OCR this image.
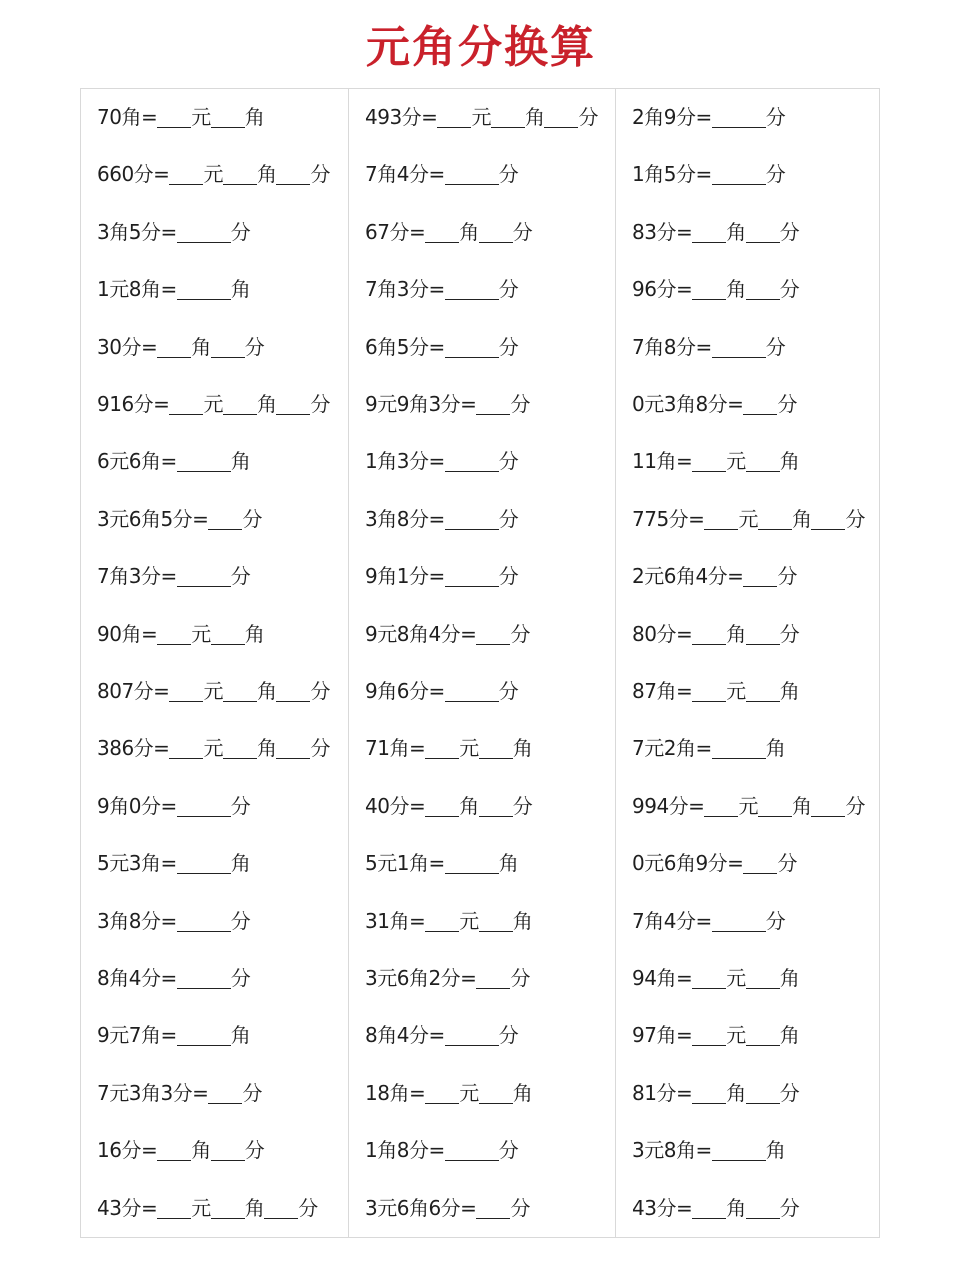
元角分换算
70角= 元 角
660分= 元 角 分
3角5分=	分
1元8角=	角
30分= 角 分
916分= 元 角 分
6元6角=	角
3元6角5分= 分
7角3分=	分
90角= 元 角
807分= 元 角 分
386分= 元 角 分
9角0分=	分
5元3角=	角
3角8分=	分
8角4分=	分
9元7角=	角
7元3角3分= 分
16分= 角 分
43分= 元 角 分
493分= 元 角 分
7角4分=	分
67分= 角 分
7角3分=	分
6角5分=	分
9元9角3分= 分
1角3分=	分
3角8分=	分
9角1分=	分
9元8角4分= 分
9角6分=	分
71角= 元 角
40分= 角 分
5元1角=	角
31角= 元 角
3元6角2分= 分
8角4分=	分
18角= 元 角
1角8分=	分
3元6角6分= 分
2角9分=	分
1角5分=	分
83分= 角 分
96分= 角 分
7角8分=	分
0元3角8分= 分
11角= 元 角
775分= 元 角 分
2元6角4分= 分
80分= 角 分
87角= 元 角
7元2角=	角
994分= 元 角 分
0元6角9分= 分
7角4分=	分
94角= 元 角
97角= 元 角
81分= 角 分
3元8角=	角
43分= 角 分
